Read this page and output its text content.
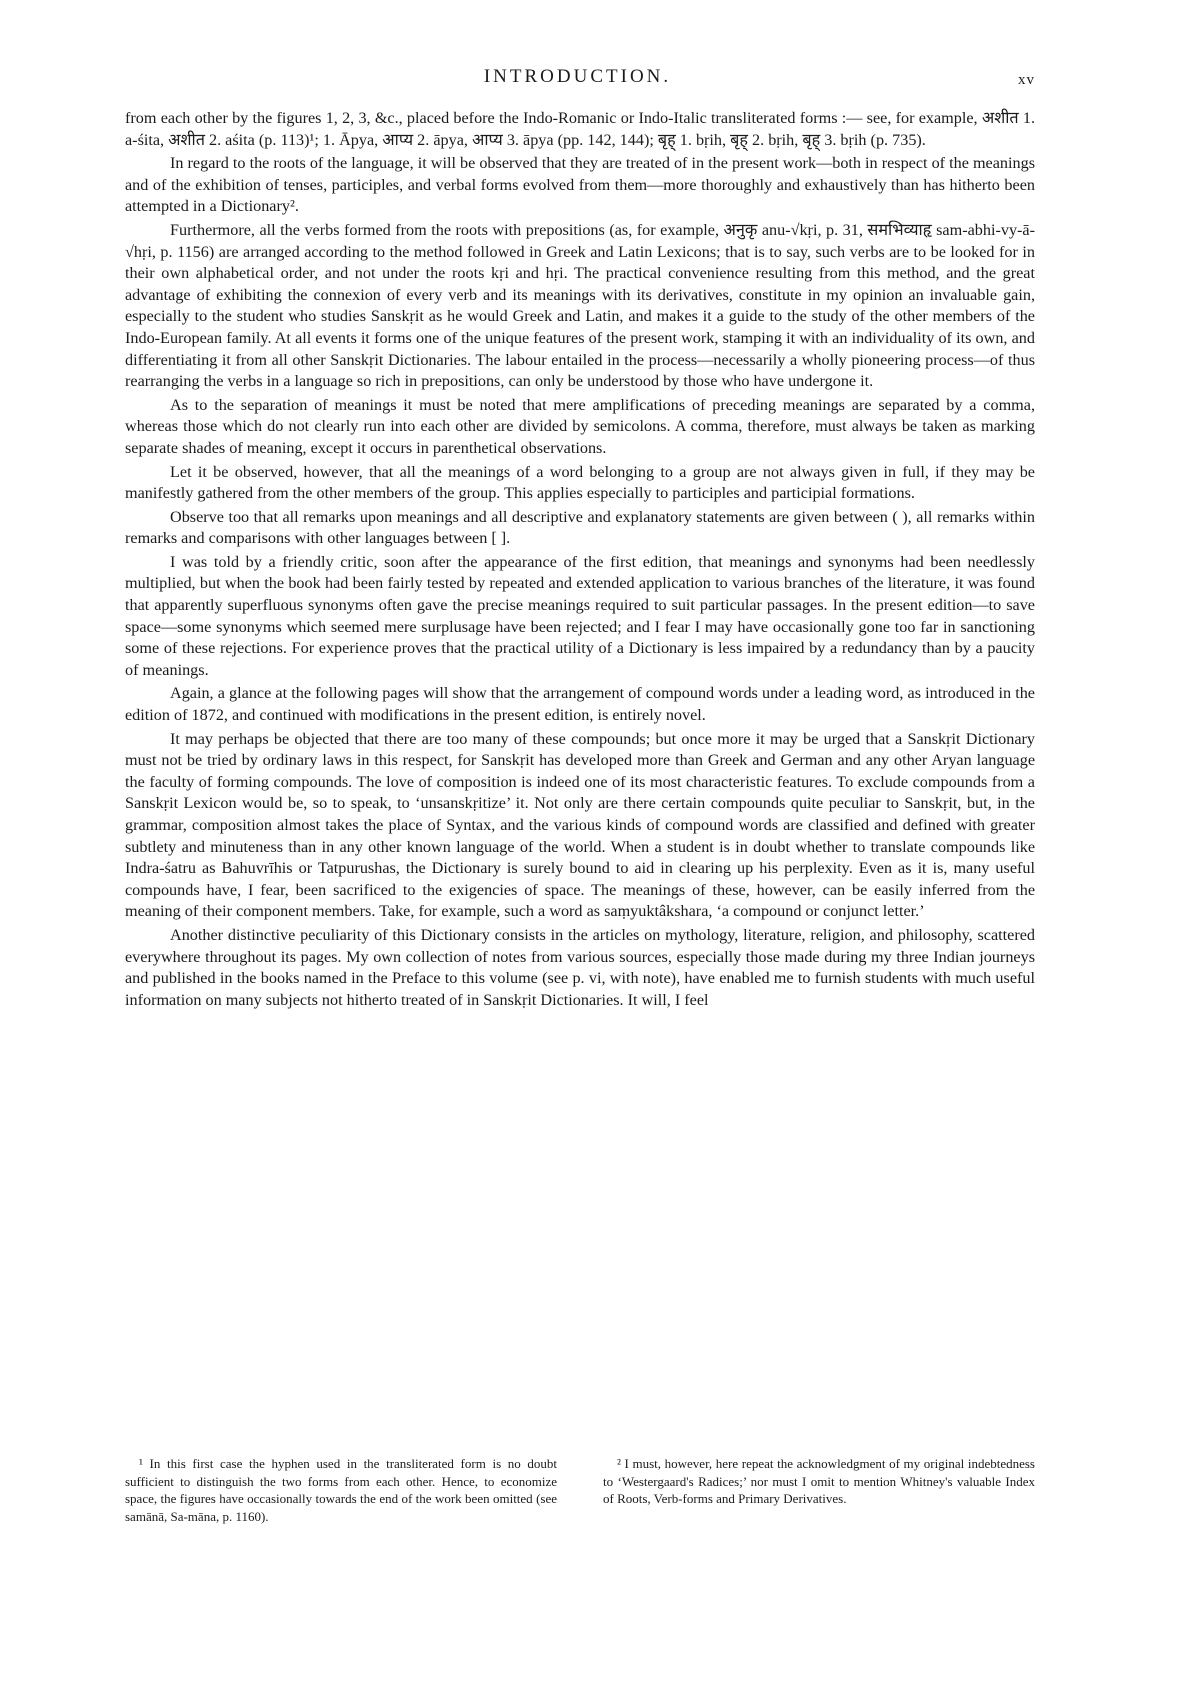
INTRODUCTION.	xv

from each other by the figures 1, 2, 3, &c., placed before the Indo-Romanic or Indo-Italic transliterated forms :— see, for example, अशीत 1. a-śita, अशीत 2. aśita (p. 113)¹; 1. Āpya, आप्य 2. āpya, आप्य 3. āpya (pp. 142, 144); बृह् 1. bṛih, बृह् 2. bṛih, बृह् 3. bṛih (p. 735).

In regard to the roots of the language, it will be observed that they are treated of in the present work—both in respect of the meanings and of the exhibition of tenses, participles, and verbal forms evolved from them—more thoroughly and exhaustively than has hitherto been attempted in a Dictionary².

Furthermore, all the verbs formed from the roots with prepositions (as, for example, अनुकृ anu-√kṛi, p. 31, समभिव्याहृ sam-abhi-vy-ā-√hṛi, p. 1156) are arranged according to the method followed in Greek and Latin Lexicons; that is to say, such verbs are to be looked for in their own alphabetical order, and not under the roots kṛi and hṛi. The practical convenience resulting from this method, and the great advantage of exhibiting the connexion of every verb and its meanings with its derivatives, constitute in my opinion an invaluable gain, especially to the student who studies Sanskṛit as he would Greek and Latin, and makes it a guide to the study of the other members of the Indo-European family. At all events it forms one of the unique features of the present work, stamping it with an individuality of its own, and differentiating it from all other Sanskṛit Dictionaries. The labour entailed in the process—necessarily a wholly pioneering process—of thus rearranging the verbs in a language so rich in prepositions, can only be understood by those who have undergone it.

As to the separation of meanings it must be noted that mere amplifications of preceding meanings are separated by a comma, whereas those which do not clearly run into each other are divided by semicolons. A comma, therefore, must always be taken as marking separate shades of meaning, except it occurs in parenthetical observations.

Let it be observed, however, that all the meanings of a word belonging to a group are not always given in full, if they may be manifestly gathered from the other members of the group. This applies especially to participles and participial formations.

Observe too that all remarks upon meanings and all descriptive and explanatory statements are given between ( ), all remarks within remarks and comparisons with other languages between [ ].

I was told by a friendly critic, soon after the appearance of the first edition, that meanings and synonyms had been needlessly multiplied, but when the book had been fairly tested by repeated and extended application to various branches of the literature, it was found that apparently superfluous synonyms often gave the precise meanings required to suit particular passages. In the present edition—to save space—some synonyms which seemed mere surplusage have been rejected; and I fear I may have occasionally gone too far in sanctioning some of these rejections. For experience proves that the practical utility of a Dictionary is less impaired by a redundancy than by a paucity of meanings.

Again, a glance at the following pages will show that the arrangement of compound words under a leading word, as introduced in the edition of 1872, and continued with modifications in the present edition, is entirely novel.

It may perhaps be objected that there are too many of these compounds; but once more it may be urged that a Sanskṛit Dictionary must not be tried by ordinary laws in this respect, for Sanskṛit has developed more than Greek and German and any other Aryan language the faculty of forming compounds. The love of composition is indeed one of its most characteristic features. To exclude compounds from a Sanskṛit Lexicon would be, so to speak, to ‘unsanskṛitize’ it. Not only are there certain compounds quite peculiar to Sanskṛit, but, in the grammar, composition almost takes the place of Syntax, and the various kinds of compound words are classified and defined with greater subtlety and minuteness than in any other known language of the world. When a student is in doubt whether to translate compounds like Indra-śatru as Bahuvrīhis or Tatpurushas, the Dictionary is surely bound to aid in clearing up his perplexity. Even as it is, many useful compounds have, I fear, been sacrificed to the exigencies of space. The meanings of these, however, can be easily inferred from the meaning of their component members. Take, for example, such a word as saṃyuktâkshara, ‘a compound or conjunct letter.’

Another distinctive peculiarity of this Dictionary consists in the articles on mythology, literature, religion, and philosophy, scattered everywhere throughout its pages. My own collection of notes from various sources, especially those made during my three Indian journeys and published in the books named in the Preface to this volume (see p. vi, with note), have enabled me to furnish students with much useful information on many subjects not hitherto treated of in Sanskṛit Dictionaries. It will, I feel

¹ In this first case the hyphen used in the transliterated form is no doubt sufficient to distinguish the two forms from each other. Hence, to economize space, the figures have occasionally towards the end of the work been omitted (see samānā, Sa-māna, p. 1160).

² I must, however, here repeat the acknowledgment of my original indebtedness to ‘Westergaard's Radices;’ nor must I omit to mention Whitney's valuable Index of Roots, Verb-forms and Primary Derivatives.
